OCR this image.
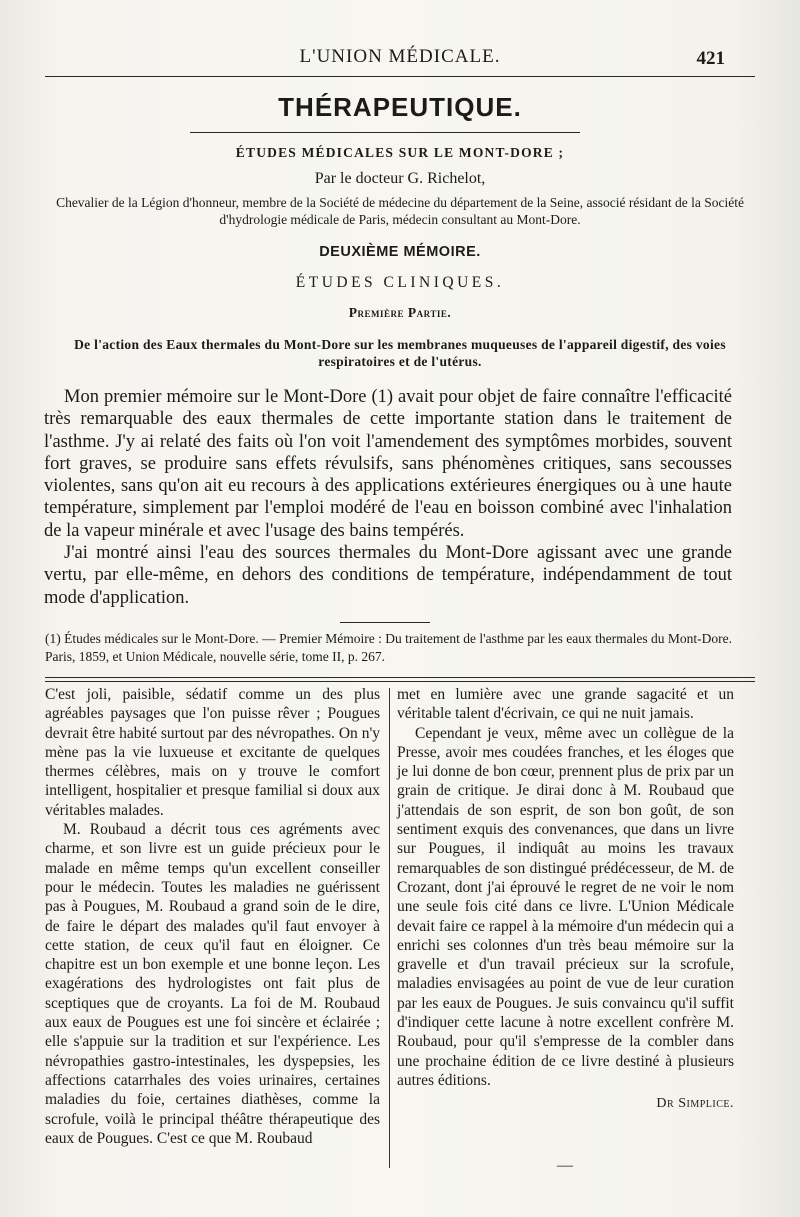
L'UNION MÉDICALE.	421
THÉRAPEUTIQUE.
ÉTUDES MÉDICALES SUR LE MONT-DORE ;
Par le docteur G. Richelot,
Chevalier de la Légion d'honneur, membre de la Société de médecine du département de la Seine, associé résidant de la Société d'hydrologie médicale de Paris, médecin consultant au Mont-Dore.
DEUXIÈME MÉMOIRE.
ÉTUDES CLINIQUES.
Première Partie.
De l'action des Eaux thermales du Mont-Dore sur les membranes muqueuses de l'appareil digestif, des voies respiratoires et de l'utérus.

Mon premier mémoire sur le Mont-Dore (1) avait pour objet de faire connaître l'efficacité très remarquable des eaux thermales de cette importante station dans le traitement de l'asthme. J'y ai relaté des faits où l'on voit l'amendement des symptômes morbides, souvent fort graves, se produire sans effets révulsifs, sans phénomènes critiques, sans secousses violentes, sans qu'on ait eu recours à des applications extérieures énergiques ou à une haute température, simplement par l'emploi modéré de l'eau en boisson combiné avec l'inhalation de la vapeur minérale et avec l'usage des bains tempérés.

J'ai montré ainsi l'eau des sources thermales du Mont-Dore agissant avec une grande vertu, par elle-même, en dehors des conditions de température, indépendamment de tout mode d'application.

(1) Études médicales sur le Mont-Dore. — Premier Mémoire : Du traitement de l'asthme par les eaux thermales du Mont-Dore. Paris, 1859, et Union Médicale, nouvelle série, tome II, p. 267.

C'est joli, paisible, sédatif comme un des plus agréables paysages que l'on puisse rêver ; Pougues devrait être habité surtout par des névropathes. On n'y mène pas la vie luxueuse et excitante de quelques thermes célèbres, mais on y trouve le comfort intelligent, hospitalier et presque familial si doux aux véritables malades.

M. Roubaud a décrit tous ces agréments avec charme, et son livre est un guide précieux pour le malade en même temps qu'un excellent conseiller pour le médecin. Toutes les maladies ne guérissent pas à Pougues, M. Roubaud a grand soin de le dire, de faire le départ des malades qu'il faut envoyer à cette station, de ceux qu'il faut en éloigner. Ce chapitre est un bon exemple et une bonne leçon. Les exagérations des hydrologistes ont fait plus de sceptiques que de croyants. La foi de M. Roubaud aux eaux de Pougues est une foi sincère et éclairée ; elle s'appuie sur la tradition et sur l'expérience. Les névropathies gastro-intestinales, les dyspepsies, les affections catarrhales des voies urinaires, certaines maladies du foie, certaines diathèses, comme la scrofule, voilà le principal théâtre thérapeutique des eaux de Pougues. C'est ce que M. Roubaud

met en lumière avec une grande sagacité et un véritable talent d'écrivain, ce qui ne nuit jamais.

Cependant je veux, même avec un collègue de la Presse, avoir mes coudées franches, et les éloges que je lui donne de bon cœur, prennent plus de prix par un grain de critique. Je dirai donc à M. Roubaud que j'attendais de son esprit, de son bon goût, de son sentiment exquis des convenances, que dans un livre sur Pougues, il indiquât au moins les travaux remarquables de son distingué prédécesseur, de M. de Crozant, dont j'ai éprouvé le regret de ne voir le nom une seule fois cité dans ce livre. L'Union Médicale devait faire ce rappel à la mémoire d'un médecin qui a enrichi ses colonnes d'un très beau mémoire sur la gravelle et d'un travail précieux sur la scrofule, maladies envisagées au point de vue de leur curation par les eaux de Pougues. Je suis convaincu qu'il suffit d'indiquer cette lacune à notre excellent confrère M. Roubaud, pour qu'il s'empresse de la combler dans une prochaine édition de ce livre destiné à plusieurs autres éditions.

Dr Simplice.
—
